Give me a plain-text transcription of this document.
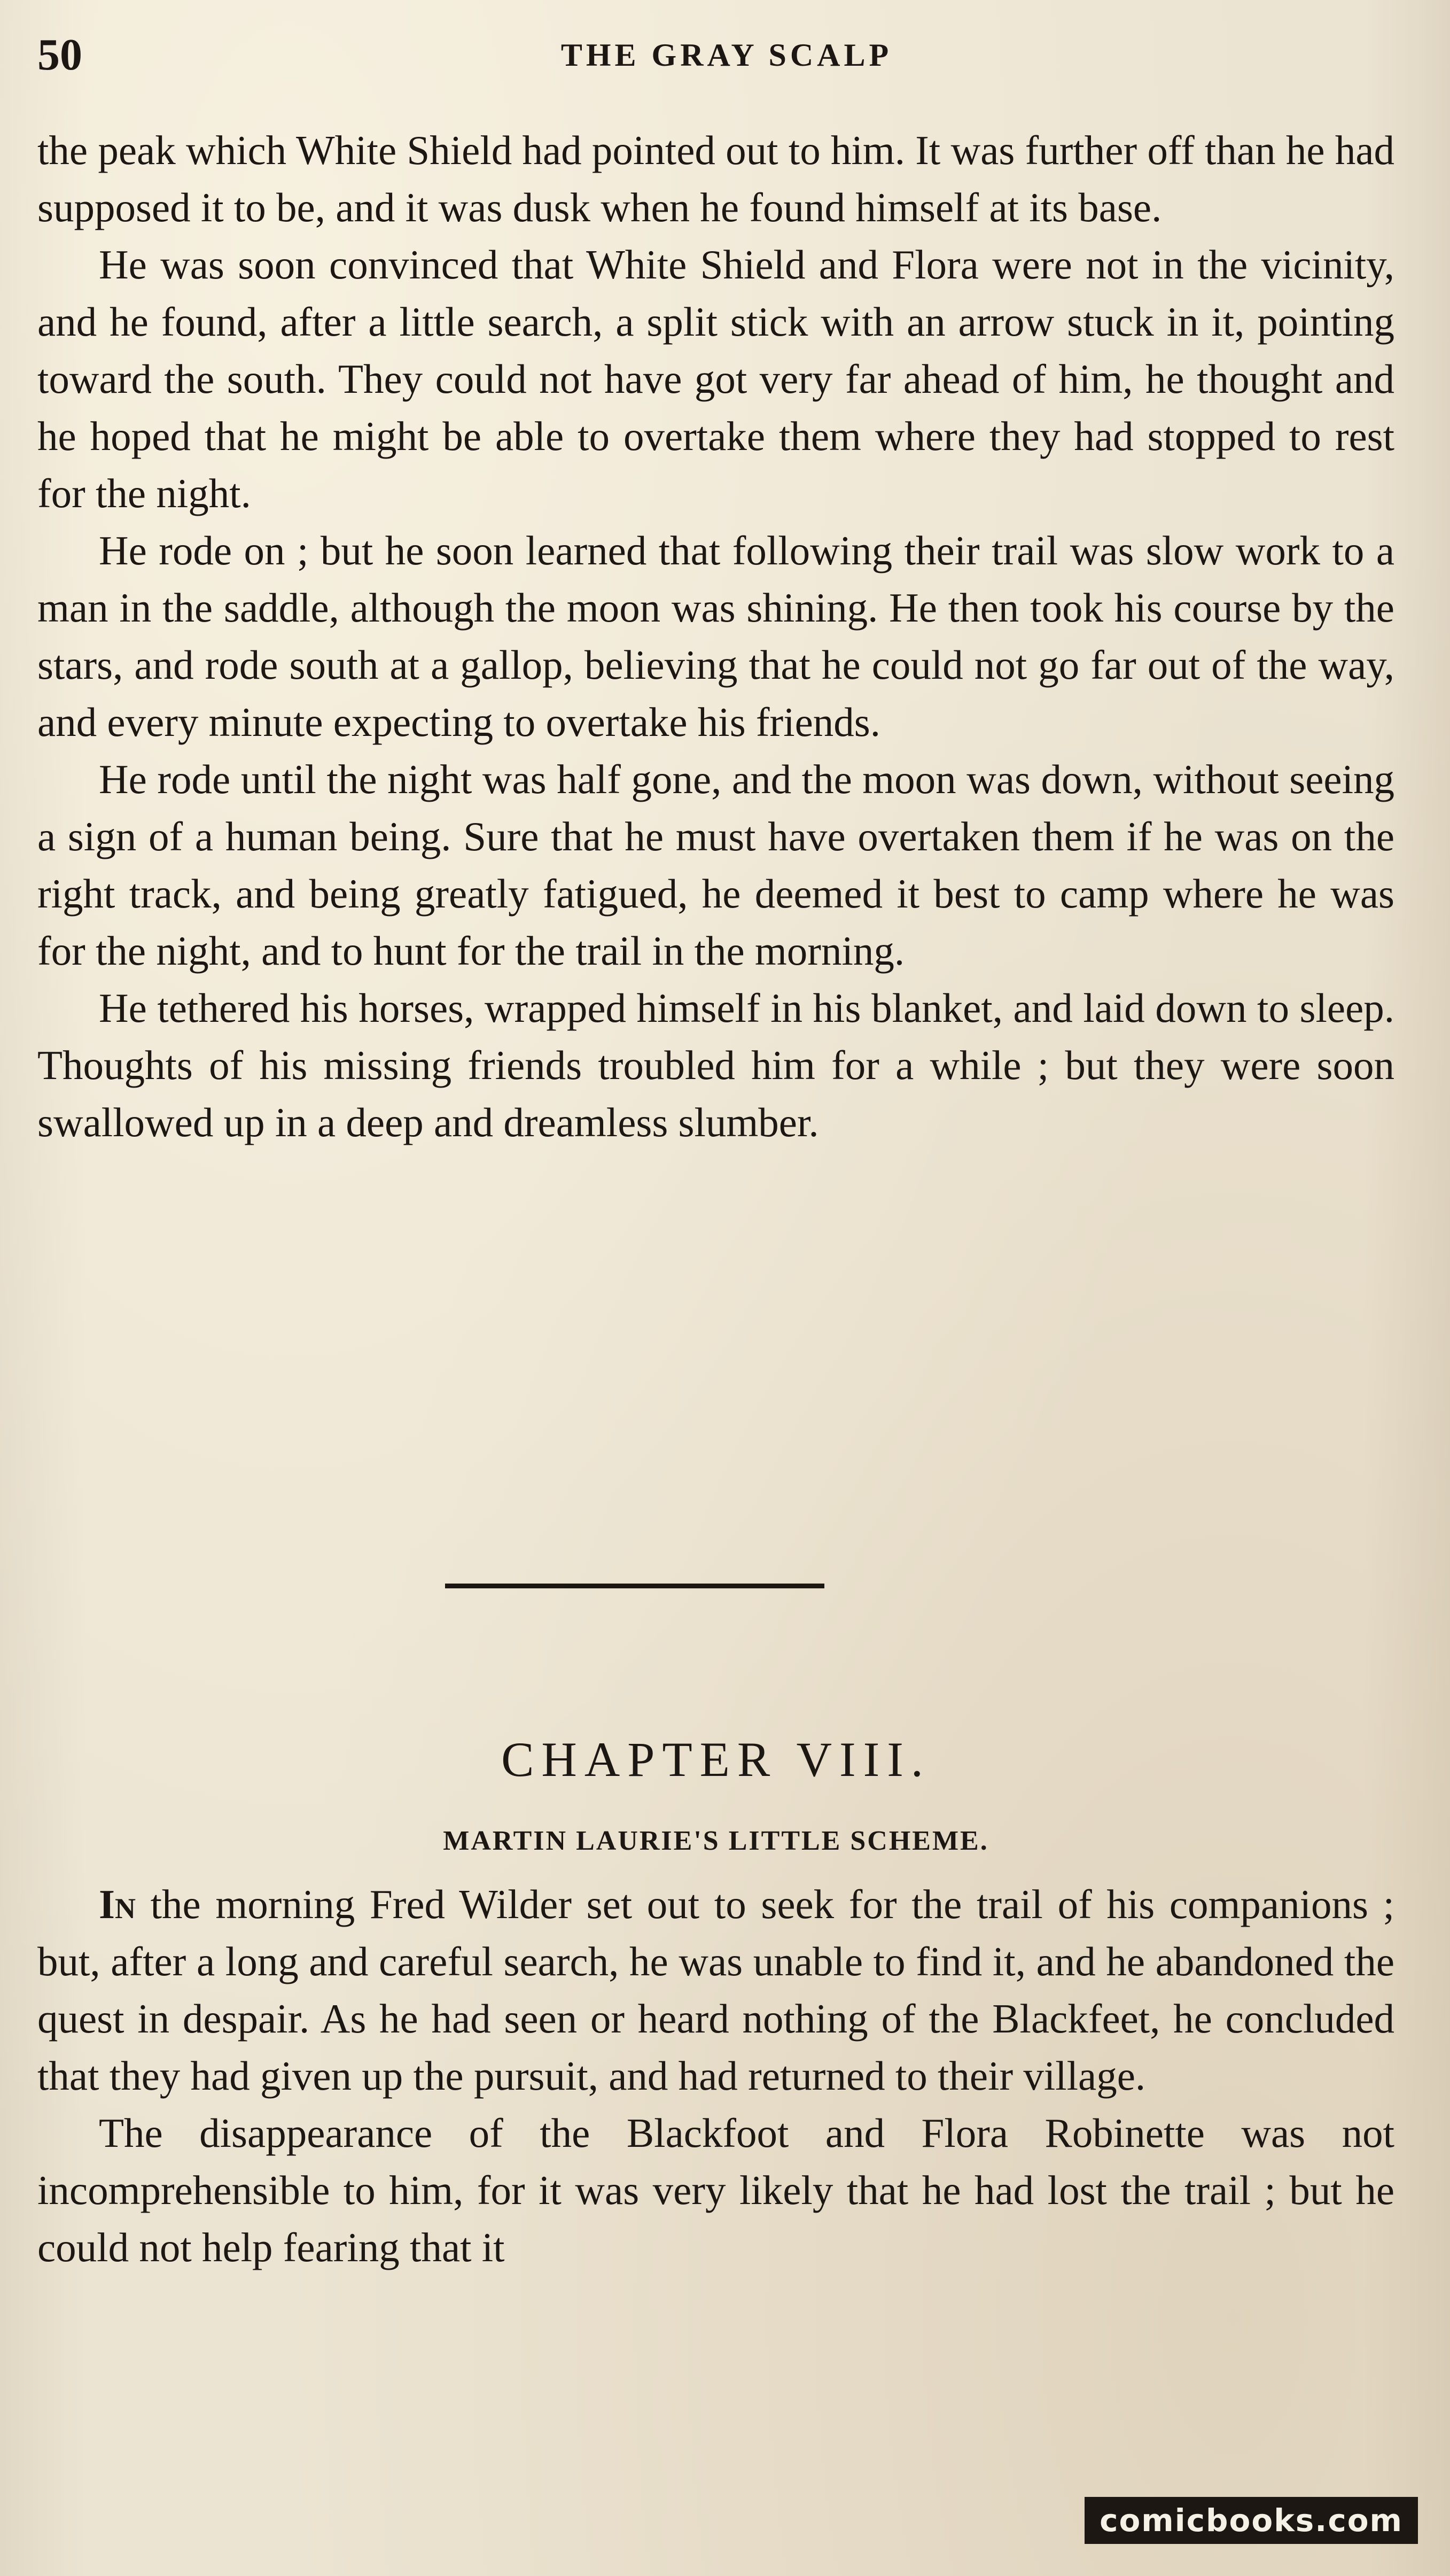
50	THE GRAY SCALP

the peak which White Shield had pointed out to him. It was further off than he had supposed it to be, and it was dusk when he found himself at its base.

He was soon convinced that White Shield and Flora were not in the vicinity, and he found, after a little search, a split stick with an arrow stuck in it, pointing toward the south. They could not have got very far ahead of him, he thought and he hoped that he might be able to overtake them where they had stopped to rest for the night.

He rode on ; but he soon learned that following their trail was slow work to a man in the saddle, although the moon was shining. He then took his course by the stars, and rode south at a gallop, believing that he could not go far out of the way, and every minute expecting to overtake his friends.

He rode until the night was half gone, and the moon was down, without seeing a sign of a human being. Sure that he must have overtaken them if he was on the right track, and being greatly fatigued, he deemed it best to camp where he was for the night, and to hunt for the trail in the morning.

He tethered his horses, wrapped himself in his blanket, and laid down to sleep. Thoughts of his missing friends troubled him for a while ; but they were soon swallowed up in a deep and dreamless slumber.

CHAPTER VIII.
MARTIN LAURIE'S LITTLE SCHEME.

In the morning Fred Wilder set out to seek for the trail of his companions ; but, after a long and careful search, he was unable to find it, and he abandoned the quest in despair. As he had seen or heard nothing of the Blackfeet, he concluded that they had given up the pursuit, and had returned to their village.

The disappearance of the Blackfoot and Flora Robinette was not incomprehensible to him, for it was very likely that he had lost the trail ; but he could not help fearing that it

comicbooks.com
